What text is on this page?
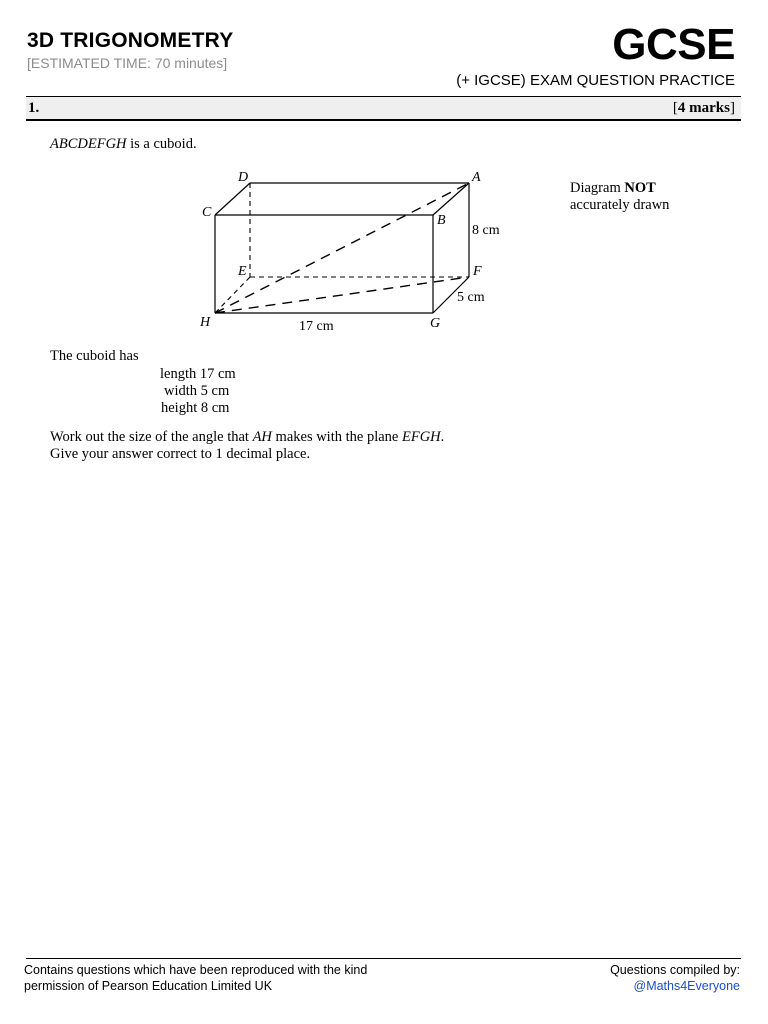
3D TRIGONOMETRY
[ESTIMATED TIME: 70 minutes]	GCSE
(+ IGCSE) EXAM QUESTION PRACTICE
1.	[4 marks]
ABCDEFGH is a cuboid.
Diagram NOT
accurately drawn
D	A
C
B
E	F
H	G
8 cm
5 cm
17 cm
The cuboid has
length 17 cm
width 5 cm
height 8 cm
Work out the size of the angle that AH makes with the plane EFGH.
Give your answer correct to 1 decimal place.
Contains questions which have been reproduced with the kind
permission of Pearson Education Limited UK
Questions compiled by:
@Maths4Everyone
